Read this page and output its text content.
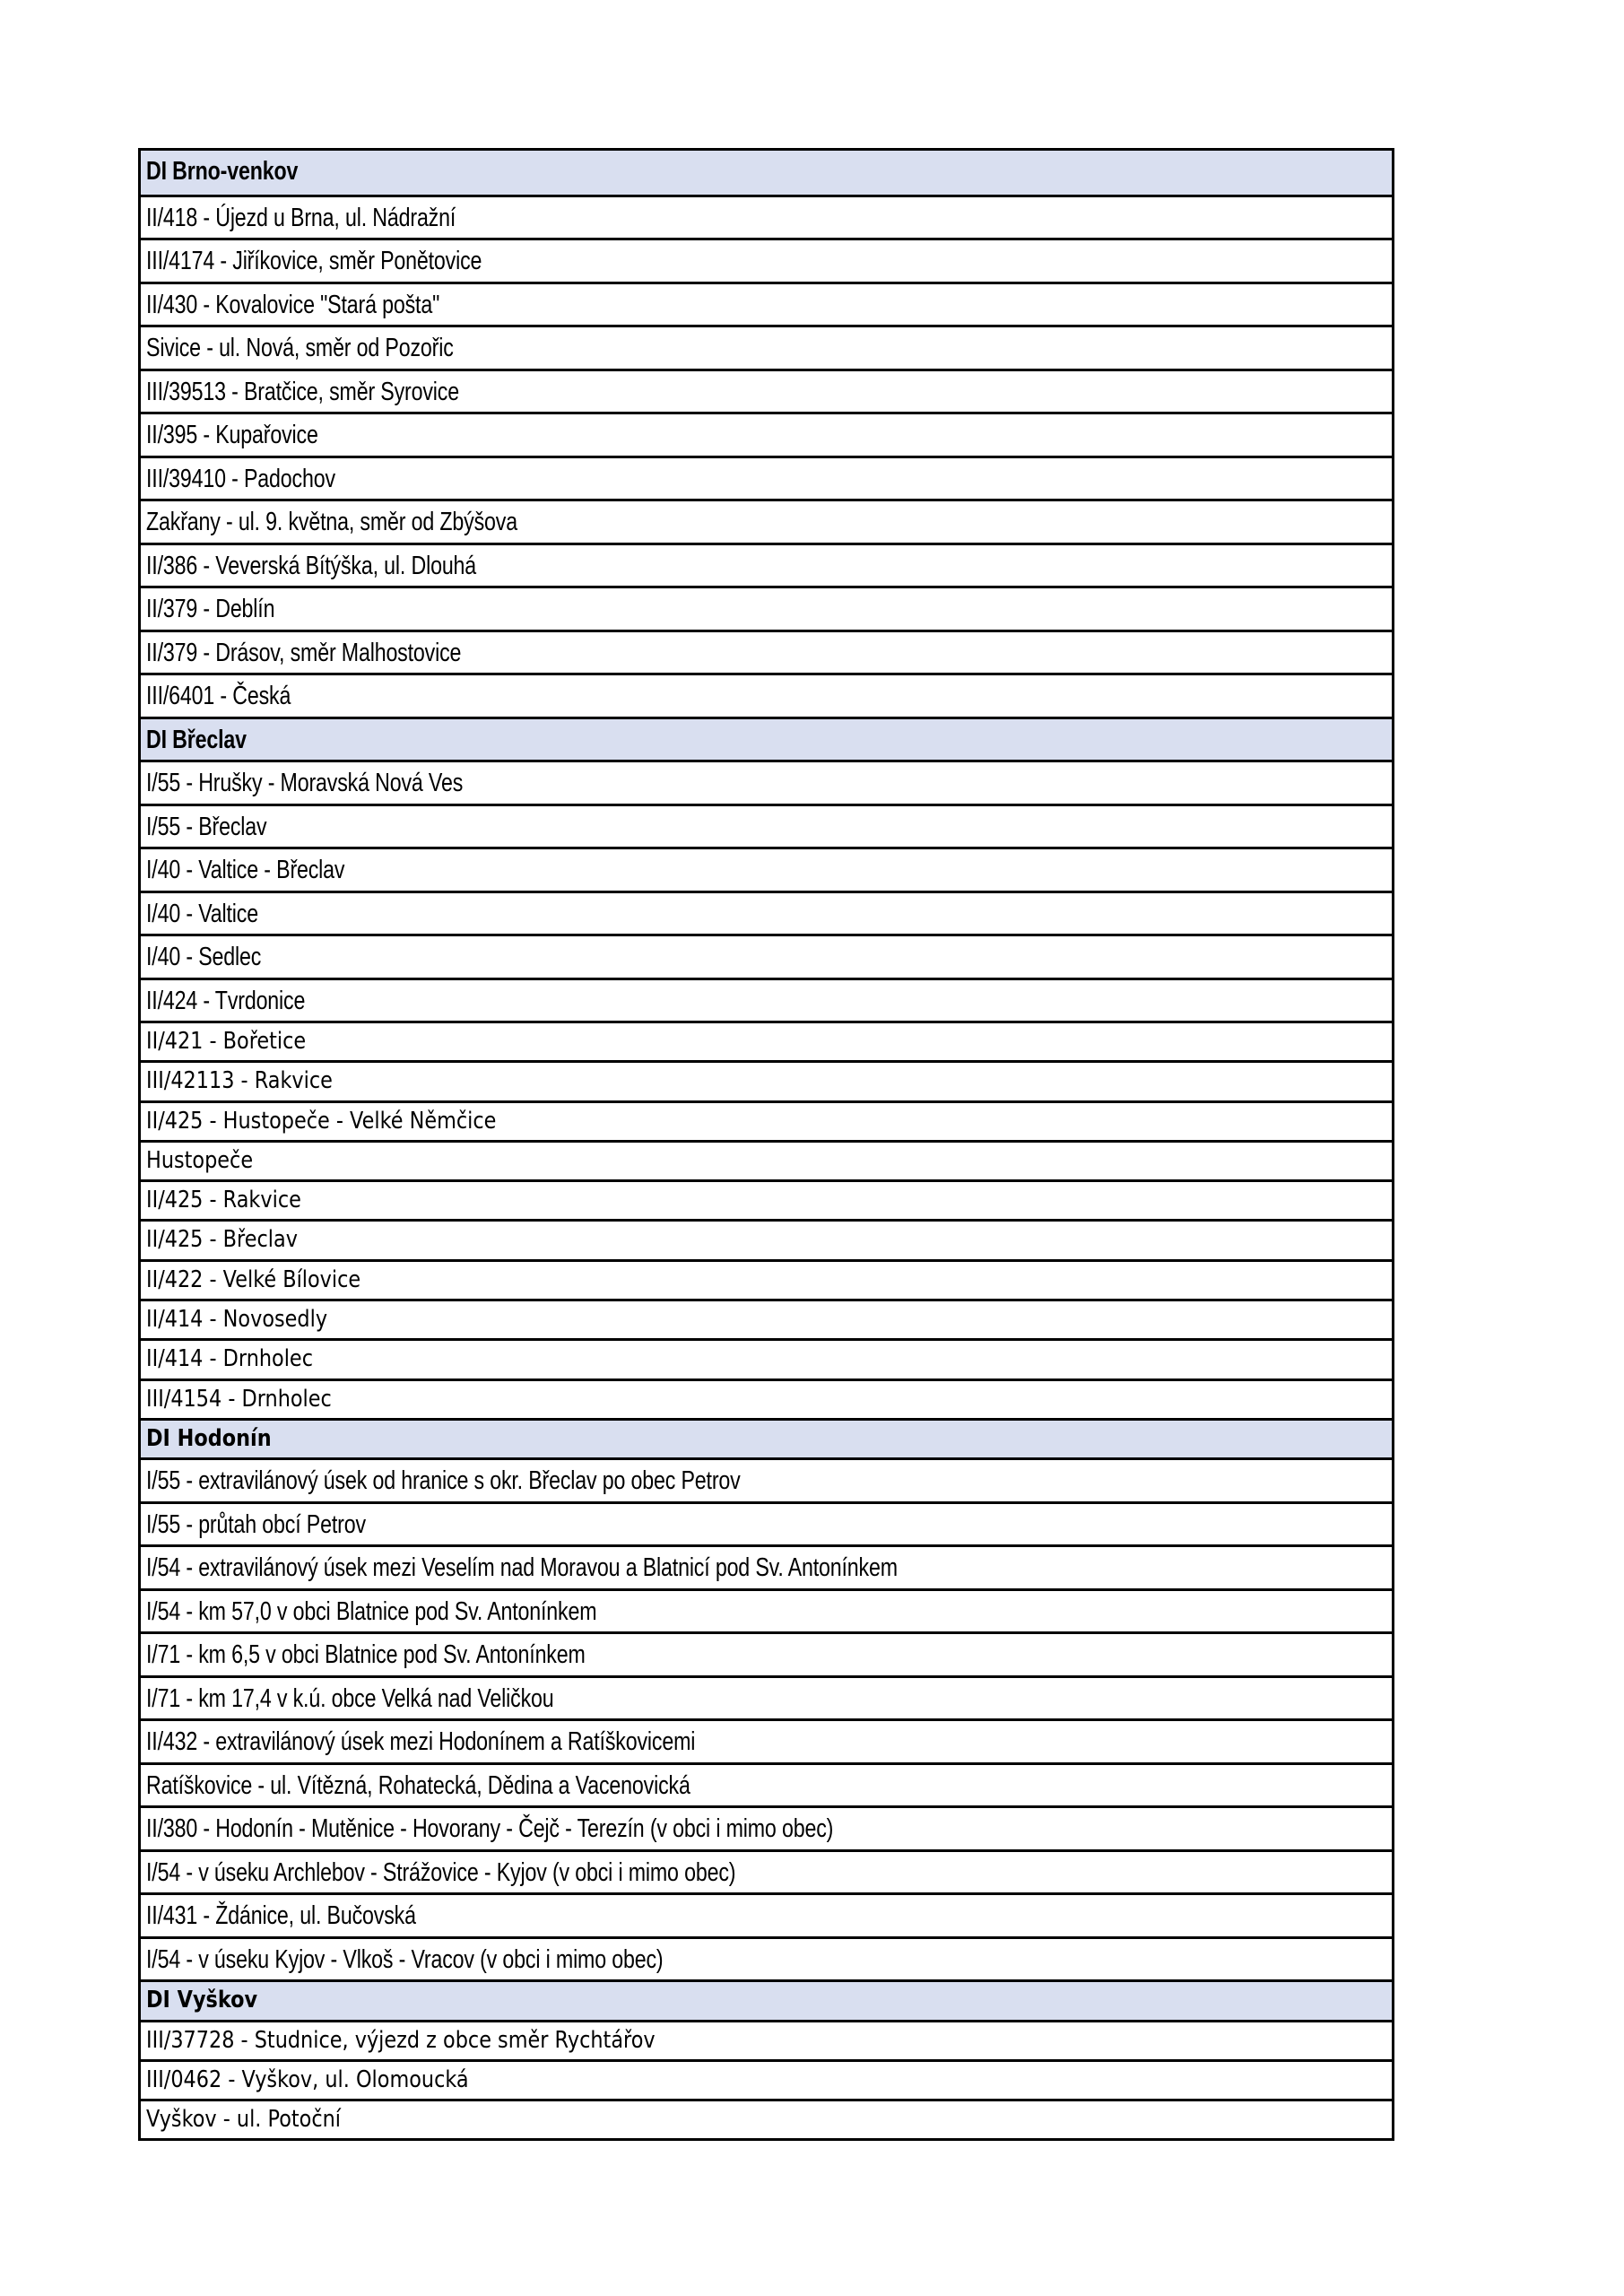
DI Brno-venkov
II/418 - Újezd u Brna, ul. Nádražní
III/4174 - Jiříkovice, směr Ponětovice
II/430 - Kovalovice "Stará pošta"
Sivice - ul. Nová, směr od Pozořic
III/39513 - Bratčice, směr Syrovice
II/395 - Kupařovice
III/39410 - Padochov
Zakřany - ul. 9. května, směr od Zbýšova
II/386 - Veverská Bítýška, ul. Dlouhá
II/379 - Deblín
II/379 - Drásov, směr Malhostovice
III/6401 - Česká
DI Břeclav
I/55 - Hrušky - Moravská Nová Ves
I/55 - Břeclav
I/40 - Valtice - Břeclav
I/40 - Valtice
I/40 - Sedlec
II/424 - Tvrdonice
II/421 - Bořetice
III/42113 - Rakvice
II/425 - Hustopeče - Velké Němčice
Hustopeče
II/425 - Rakvice
II/425 - Břeclav
II/422 - Velké Bílovice
II/414 - Novosedly
II/414 - Drnholec
III/4154 - Drnholec
DI Hodonín
I/55 - extravilánový úsek od hranice s okr. Břeclav po obec Petrov
I/55 - průtah obcí Petrov
I/54 - extravilánový úsek mezi Veselím nad Moravou a Blatnicí pod Sv. Antonínkem
I/54 - km 57,0 v obci Blatnice pod Sv. Antonínkem
I/71 - km 6,5 v obci Blatnice pod Sv. Antonínkem
I/71 - km 17,4 v k.ú. obce Velká nad Veličkou
II/432 - extravilánový úsek mezi Hodonínem a Ratíškovicemi
Ratíškovice - ul. Vítězná, Rohatecká, Dědina a Vacenovická
II/380 - Hodonín - Mutěnice - Hovorany - Čejč - Terezín (v obci i mimo obec)
I/54 - v úseku Archlebov - Strážovice - Kyjov (v obci i mimo obec)
II/431 - Ždánice, ul. Bučovská
I/54 - v úseku Kyjov - Vlkoš - Vracov (v obci i mimo obec)
DI Vyškov
III/37728 - Studnice, výjezd z obce směr Rychtářov
III/0462 - Vyškov, ul. Olomoucká
Vyškov - ul. Potoční
